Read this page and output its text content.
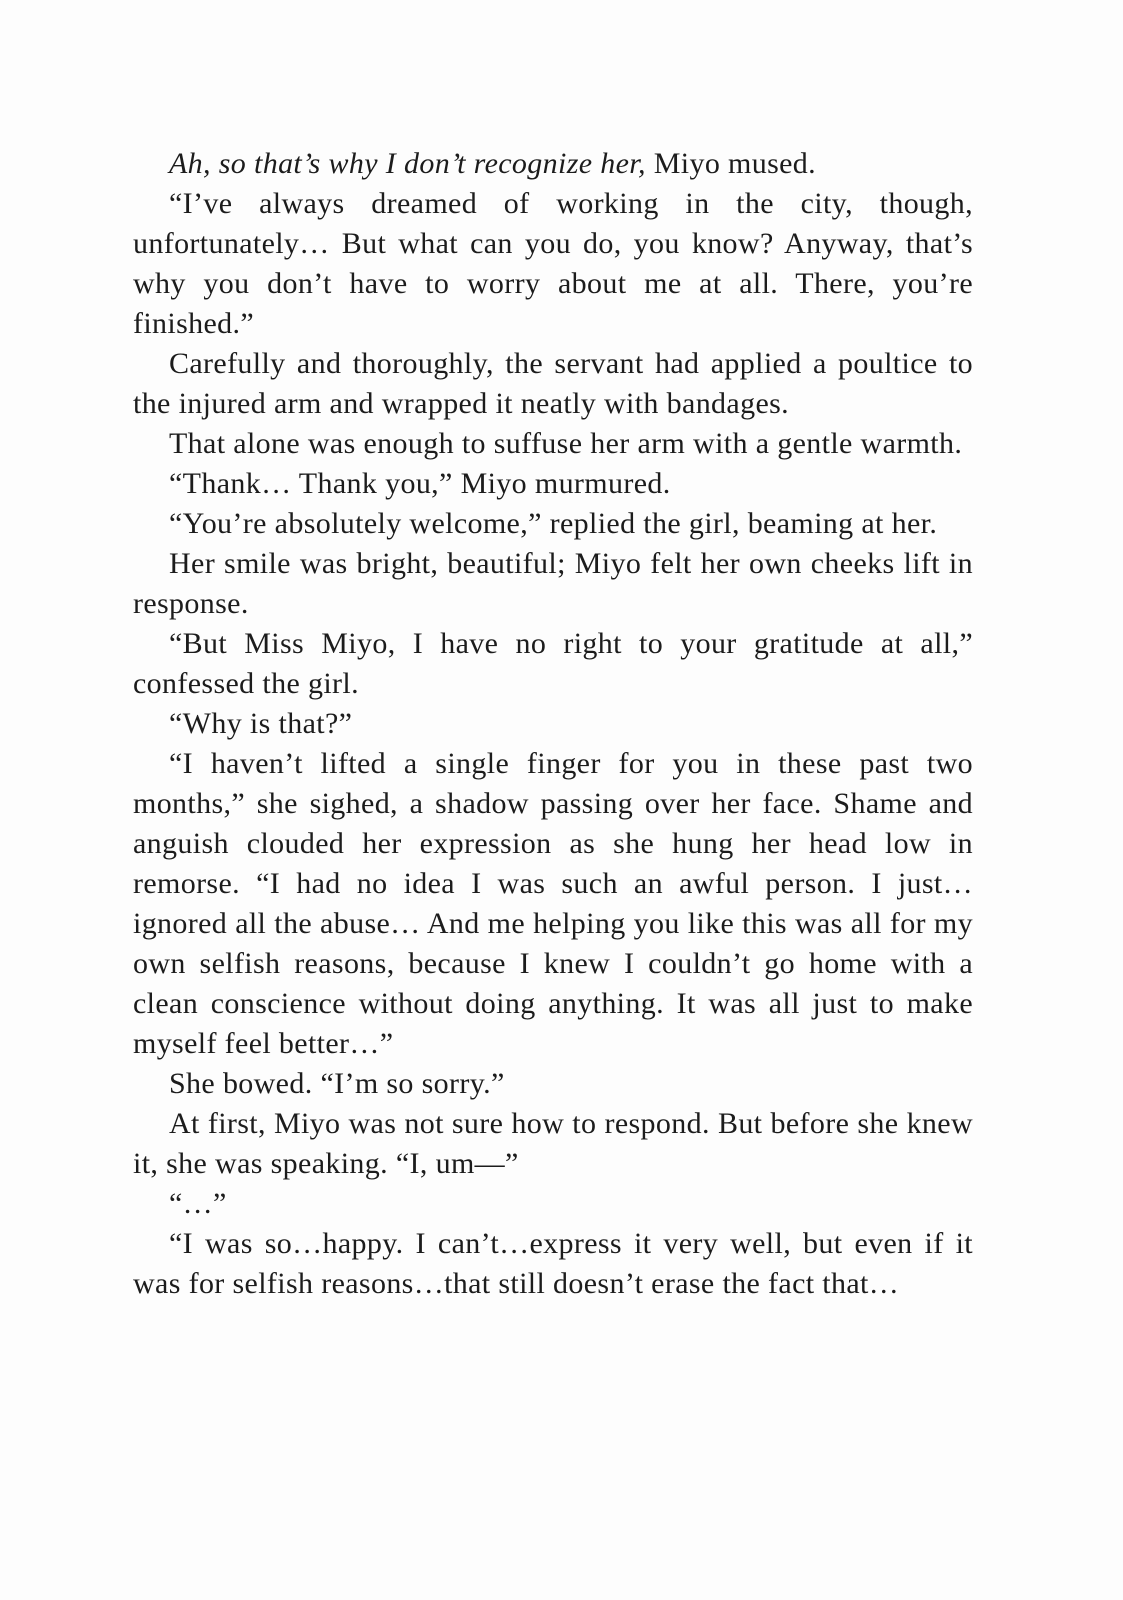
Ah, so that’s why I don’t recognize her, Miyo mused.

“I’ve always dreamed of working in the city, though, unfortunately… But what can you do, you know? Anyway, that’s why you don’t have to worry about me at all. There, you’re finished.”

Carefully and thoroughly, the servant had applied a poultice to the injured arm and wrapped it neatly with bandages.

That alone was enough to suffuse her arm with a gentle warmth.

“Thank… Thank you,” Miyo murmured.

“You’re absolutely welcome,” replied the girl, beaming at her.

Her smile was bright, beautiful; Miyo felt her own cheeks lift in response.

“But Miss Miyo, I have no right to your gratitude at all,” confessed the girl.

“Why is that?”

“I haven’t lifted a single finger for you in these past two months,” she sighed, a shadow passing over her face. Shame and anguish clouded her expression as she hung her head low in remorse. “I had no idea I was such an awful person. I just… ignored all the abuse… And me helping you like this was all for my own selfish reasons, because I knew I couldn’t go home with a clean conscience without doing anything. It was all just to make myself feel better…”

She bowed. “I’m so sorry.”

At first, Miyo was not sure how to respond. But before she knew it, she was speaking. “I, um—”

“…”

“I was so…happy. I can’t…express it very well, but even if it was for selfish reasons…that still doesn’t erase the fact that…
